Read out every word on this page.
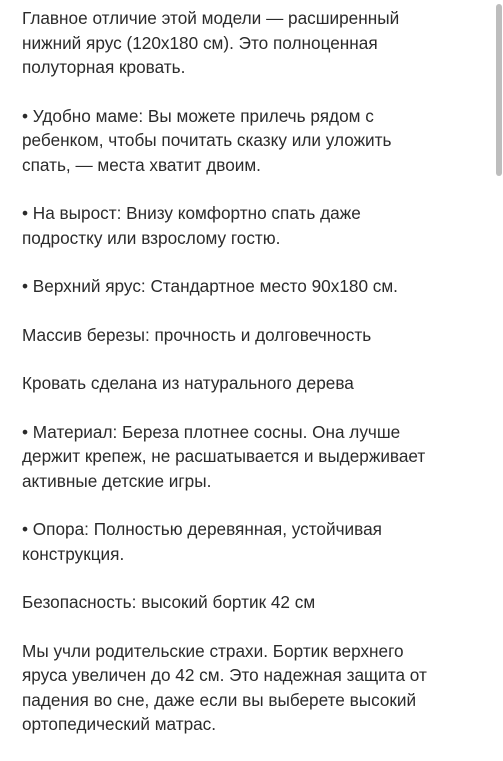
Главное отличие этой модели — расширенный
нижний ярус (120x180 см). Это полноценная
полуторная кровать.

• Удобно маме: Вы можете прилечь рядом с
ребенком, чтобы почитать сказку или уложить
спать, — места хватит двоим.

• На вырост: Внизу комфортно спать даже
подростку или взрослому гостю.

• Верхний ярус: Стандартное место 90x180 см.

Массив березы: прочность и долговечность

Кровать сделана из натурального дерева

• Материал: Береза плотнее сосны. Она лучше
держит крепеж, не расшатывается и выдерживает
активные детские игры.

• Опора: Полностью деревянная, устойчивая
конструкция.

Безопасность: высокий бортик 42 см

Мы учли родительские страхи. Бортик верхнего
яруса увеличен до 42 см. Это надежная защита от
падения во сне, даже если вы выберете высокий
ортопедический матрас.
